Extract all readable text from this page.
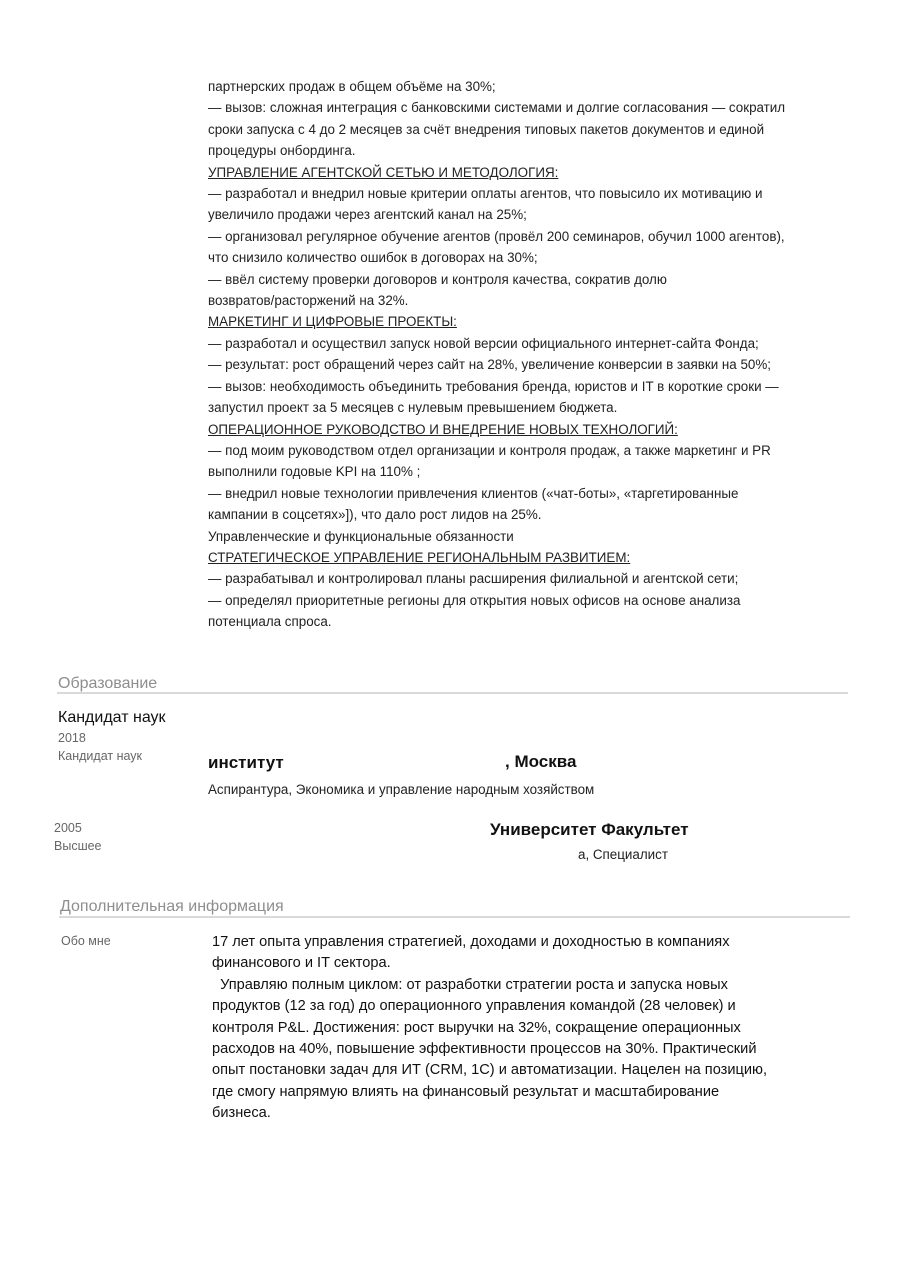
партнерских продаж в общем объёме на 30%;
— вызов: сложная интеграция с банковскими системами и долгие согласования — сократил
сроки запуска с 4 до 2 месяцев за счёт внедрения типовых пакетов документов и единой
процедуры онбординга.
УПРАВЛЕНИЕ АГЕНТСКОЙ СЕТЬЮ И МЕТОДОЛОГИЯ:
— разработал и внедрил новые критерии оплаты агентов, что повысило их мотивацию и
увеличило продажи через агентский канал на 25%;
— организовал регулярное обучение агентов (провёл 200 семинаров, обучил 1000 агентов),
что снизило количество ошибок в договорах на 30%;
— ввёл систему проверки договоров и контроля качества, сократив долю
возвратов/расторжений на 32%.
МАРКЕТИНГ И ЦИФРОВЫЕ ПРОЕКТЫ:
— разработал и осуществил запуск новой версии официального интернет-сайта Фонда;
— результат: рост обращений через сайт на 28%, увеличение конверсии в заявки на 50%;
— вызов: необходимость объединить требования бренда, юристов и IT в короткие сроки —
запустил проект за 5 месяцев с нулевым превышением бюджета.
ОПЕРАЦИОННОЕ РУКОВОДСТВО И ВНЕДРЕНИЕ НОВЫХ ТЕХНОЛОГИЙ:
— под моим руководством отдел организации и контроля продаж, а также маркетинг и PR
выполнили годовые KPI на 110% ;
— внедрил новые технологии привлечения клиентов («чат-боты», «таргетированные
кампании в соцсетях»]), что дало рост лидов на 25%.
Управленческие и функциональные обязанности
СТРАТЕГИЧЕСКОЕ УПРАВЛЕНИЕ РЕГИОНАЛЬНЫМ РАЗВИТИЕМ:
— разрабатывал и контролировал планы расширения филиальной и агентской сети;
— определял приоритетные регионы для открытия новых офисов на основе анализа
потенциала спроса.
Образование
Кандидат наук
2018
Кандидат наук	институт	, Москва
Аспирантура, Экономика и управление народным хозяйством
2005
Высшее
Университет Факультет
а, Специалист
Дополнительная информация
Обо мне	17 лет опыта управления стратегией, доходами и доходностью в компаниях
финансового и IT сектора.
Управляю полным циклом: от разработки стратегии роста и запуска новых
продуктов (12 за год) до операционного управления командой (28 человек) и
контроля P&L. Достижения: рост выручки на 32%, сокращение операционных
расходов на 40%, повышение эффективности процессов на 30%. Практический
опыт постановки задач для ИТ (CRM, 1С) и автоматизации. Нацелен на позицию,
где смогу напрямую влиять на финансовый результат и масштабирование
бизнеса.
